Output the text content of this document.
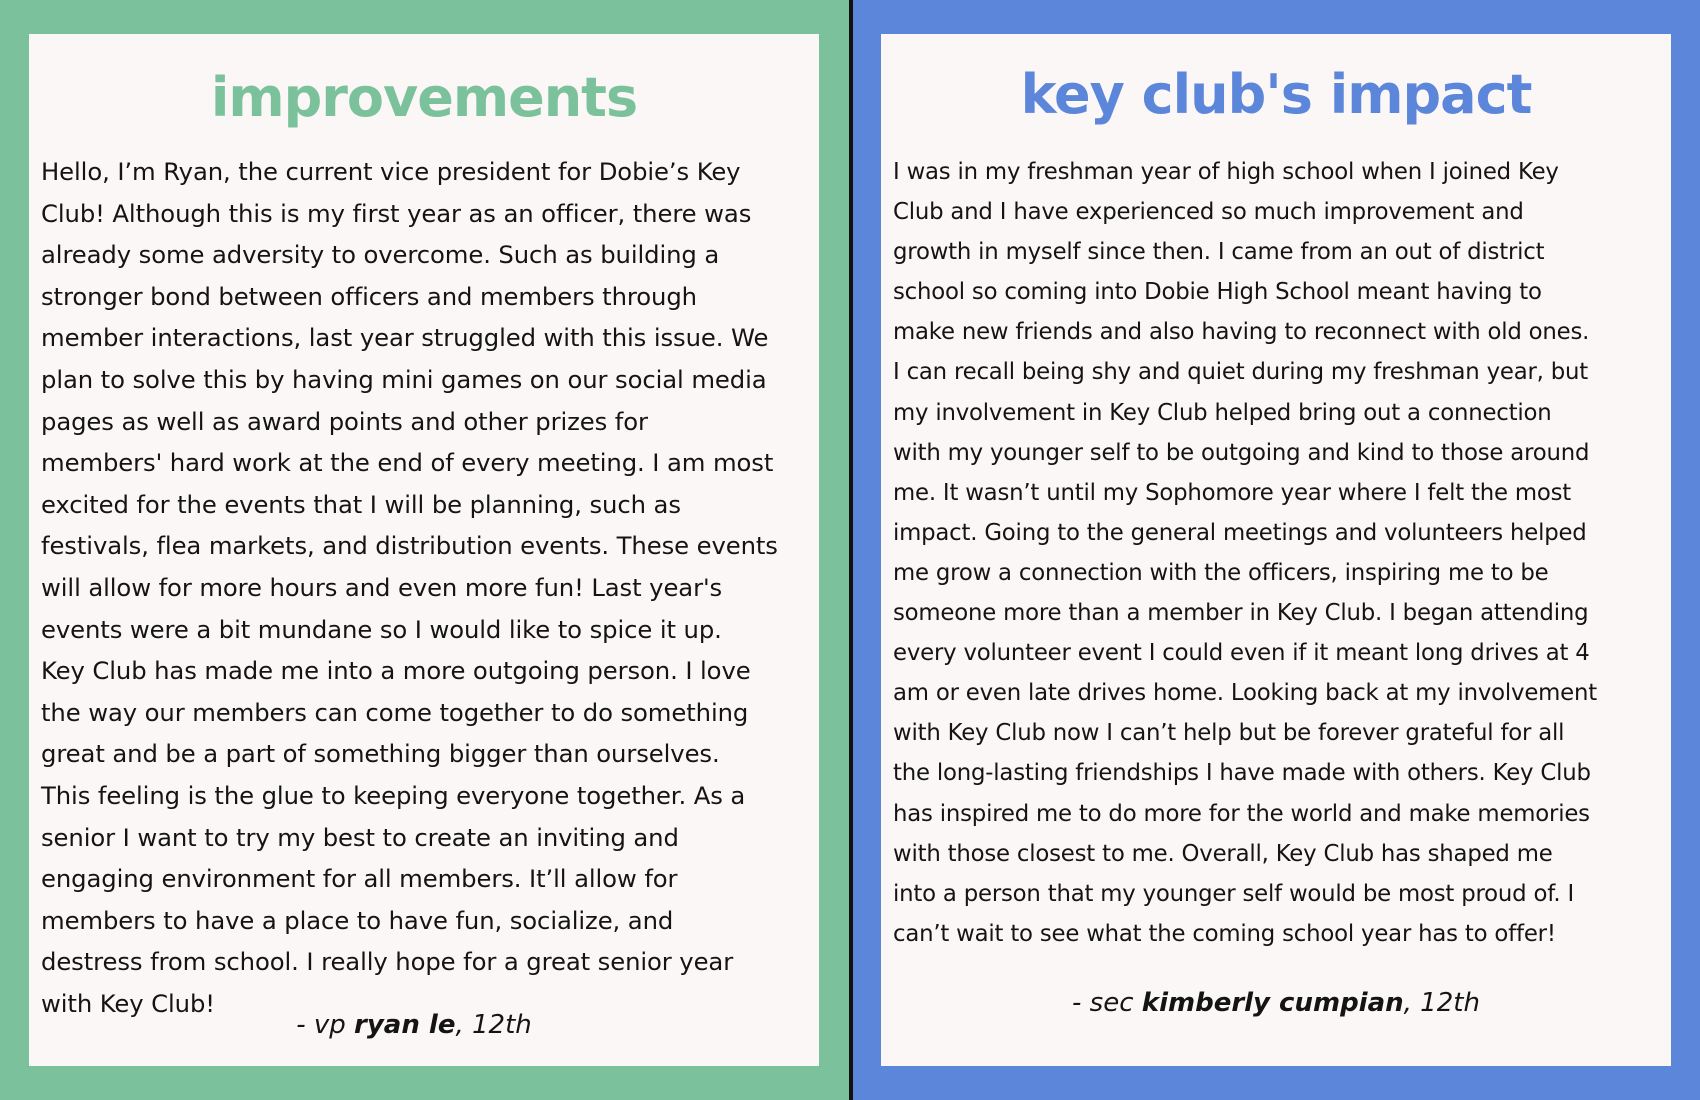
improvements
Hello, I’m Ryan, the current vice president for Dobie’s Key
Club! Although this is my first year as an officer, there was
already some adversity to overcome. Such as building a
stronger bond between officers and members through
member interactions, last year struggled with this issue. We
plan to solve this by having mini games on our social media
pages as well as award points and other prizes for
members' hard work at the end of every meeting. I am most
excited for the events that I will be planning, such as
festivals, flea markets, and distribution events. These events
will allow for more hours and even more fun! Last year's
events were a bit mundane so I would like to spice it up.
Key Club has made me into a more outgoing person. I love
the way our members can come together to do something
great and be a part of something bigger than ourselves.
This feeling is the glue to keeping everyone together. As a
senior I want to try my best to create an inviting and
engaging environment for all members. It’ll allow for
members to have a place to have fun, socialize, and
destress from school. I really hope for a great senior year
with Key Club!
- vp ryan le, 12th
key club's impact
I was in my freshman year of high school when I joined Key
Club and I have experienced so much improvement and
growth in myself since then. I came from an out of district
school so coming into Dobie High School meant having to
make new friends and also having to reconnect with old ones.
I can recall being shy and quiet during my freshman year, but
my involvement in Key Club helped bring out a connection
with my younger self to be outgoing and kind to those around
me. It wasn’t until my Sophomore year where I felt the most
impact. Going to the general meetings and volunteers helped
me grow a connection with the officers, inspiring me to be
someone more than a member in Key Club. I began attending
every volunteer event I could even if it meant long drives at 4
am or even late drives home. Looking back at my involvement
with Key Club now I can’t help but be forever grateful for all
the long-lasting friendships I have made with others. Key Club
has inspired me to do more for the world and make memories
with those closest to me. Overall, Key Club has shaped me
into a person that my younger self would be most proud of. I
can’t wait to see what the coming school year has to offer!
- sec kimberly cumpian, 12th
